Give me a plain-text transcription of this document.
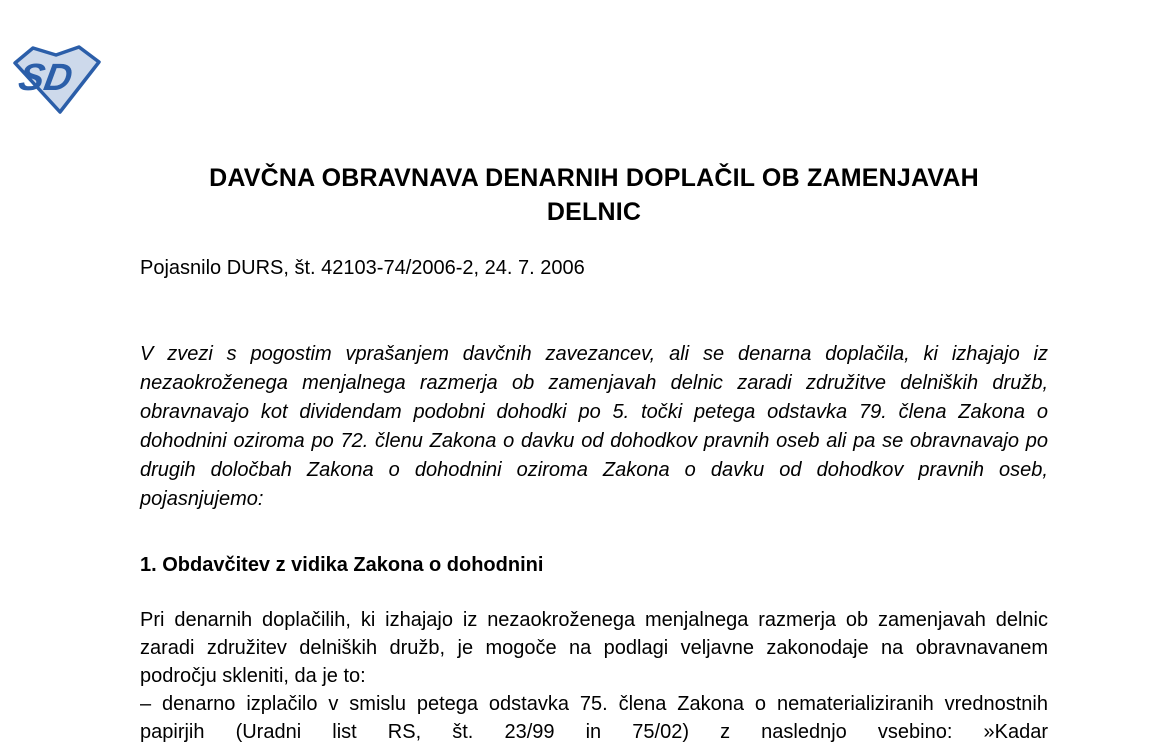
SD
DAVČNA OBRAVNAVA DENARNIH DOPLAČIL OB ZAMENJAVAH
DELNIC
Pojasnilo DURS, št. 42103-74/2006-2, 24. 7. 2006
V zvezi s pogostim vprašanjem davčnih zavezancev, ali se denarna doplačila, ki izhajajo iz nezaokroženega menjalnega razmerja ob zamenjavah delnic zaradi združitve delniških družb, obravnavajo kot dividendam podobni dohodki po 5. točki petega odstavka 79. člena Zakona o dohodnini oziroma po 72. členu Zakona o davku od dohodkov pravnih oseb ali pa se obravnavajo po drugih določbah Zakona o dohodnini oziroma Zakona o davku od dohodkov pravnih oseb, pojasnjujemo:
1. Obdavčitev z vidika Zakona o dohodnini
Pri denarnih doplačilih, ki izhajajo iz nezaokroženega menjalnega razmerja ob zamenjavah delnic zaradi združitev delniških družb, je mogoče na podlagi veljavne zakonodaje na obravnavanem področju skleniti, da je to:
– denarno izplačilo v smislu petega odstavka 75. člena Zakona o nematerializiranih vrednostnih papirjih (Uradni list RS, št. 23/99 in 75/02) z naslednjo vsebino: »Kadar
